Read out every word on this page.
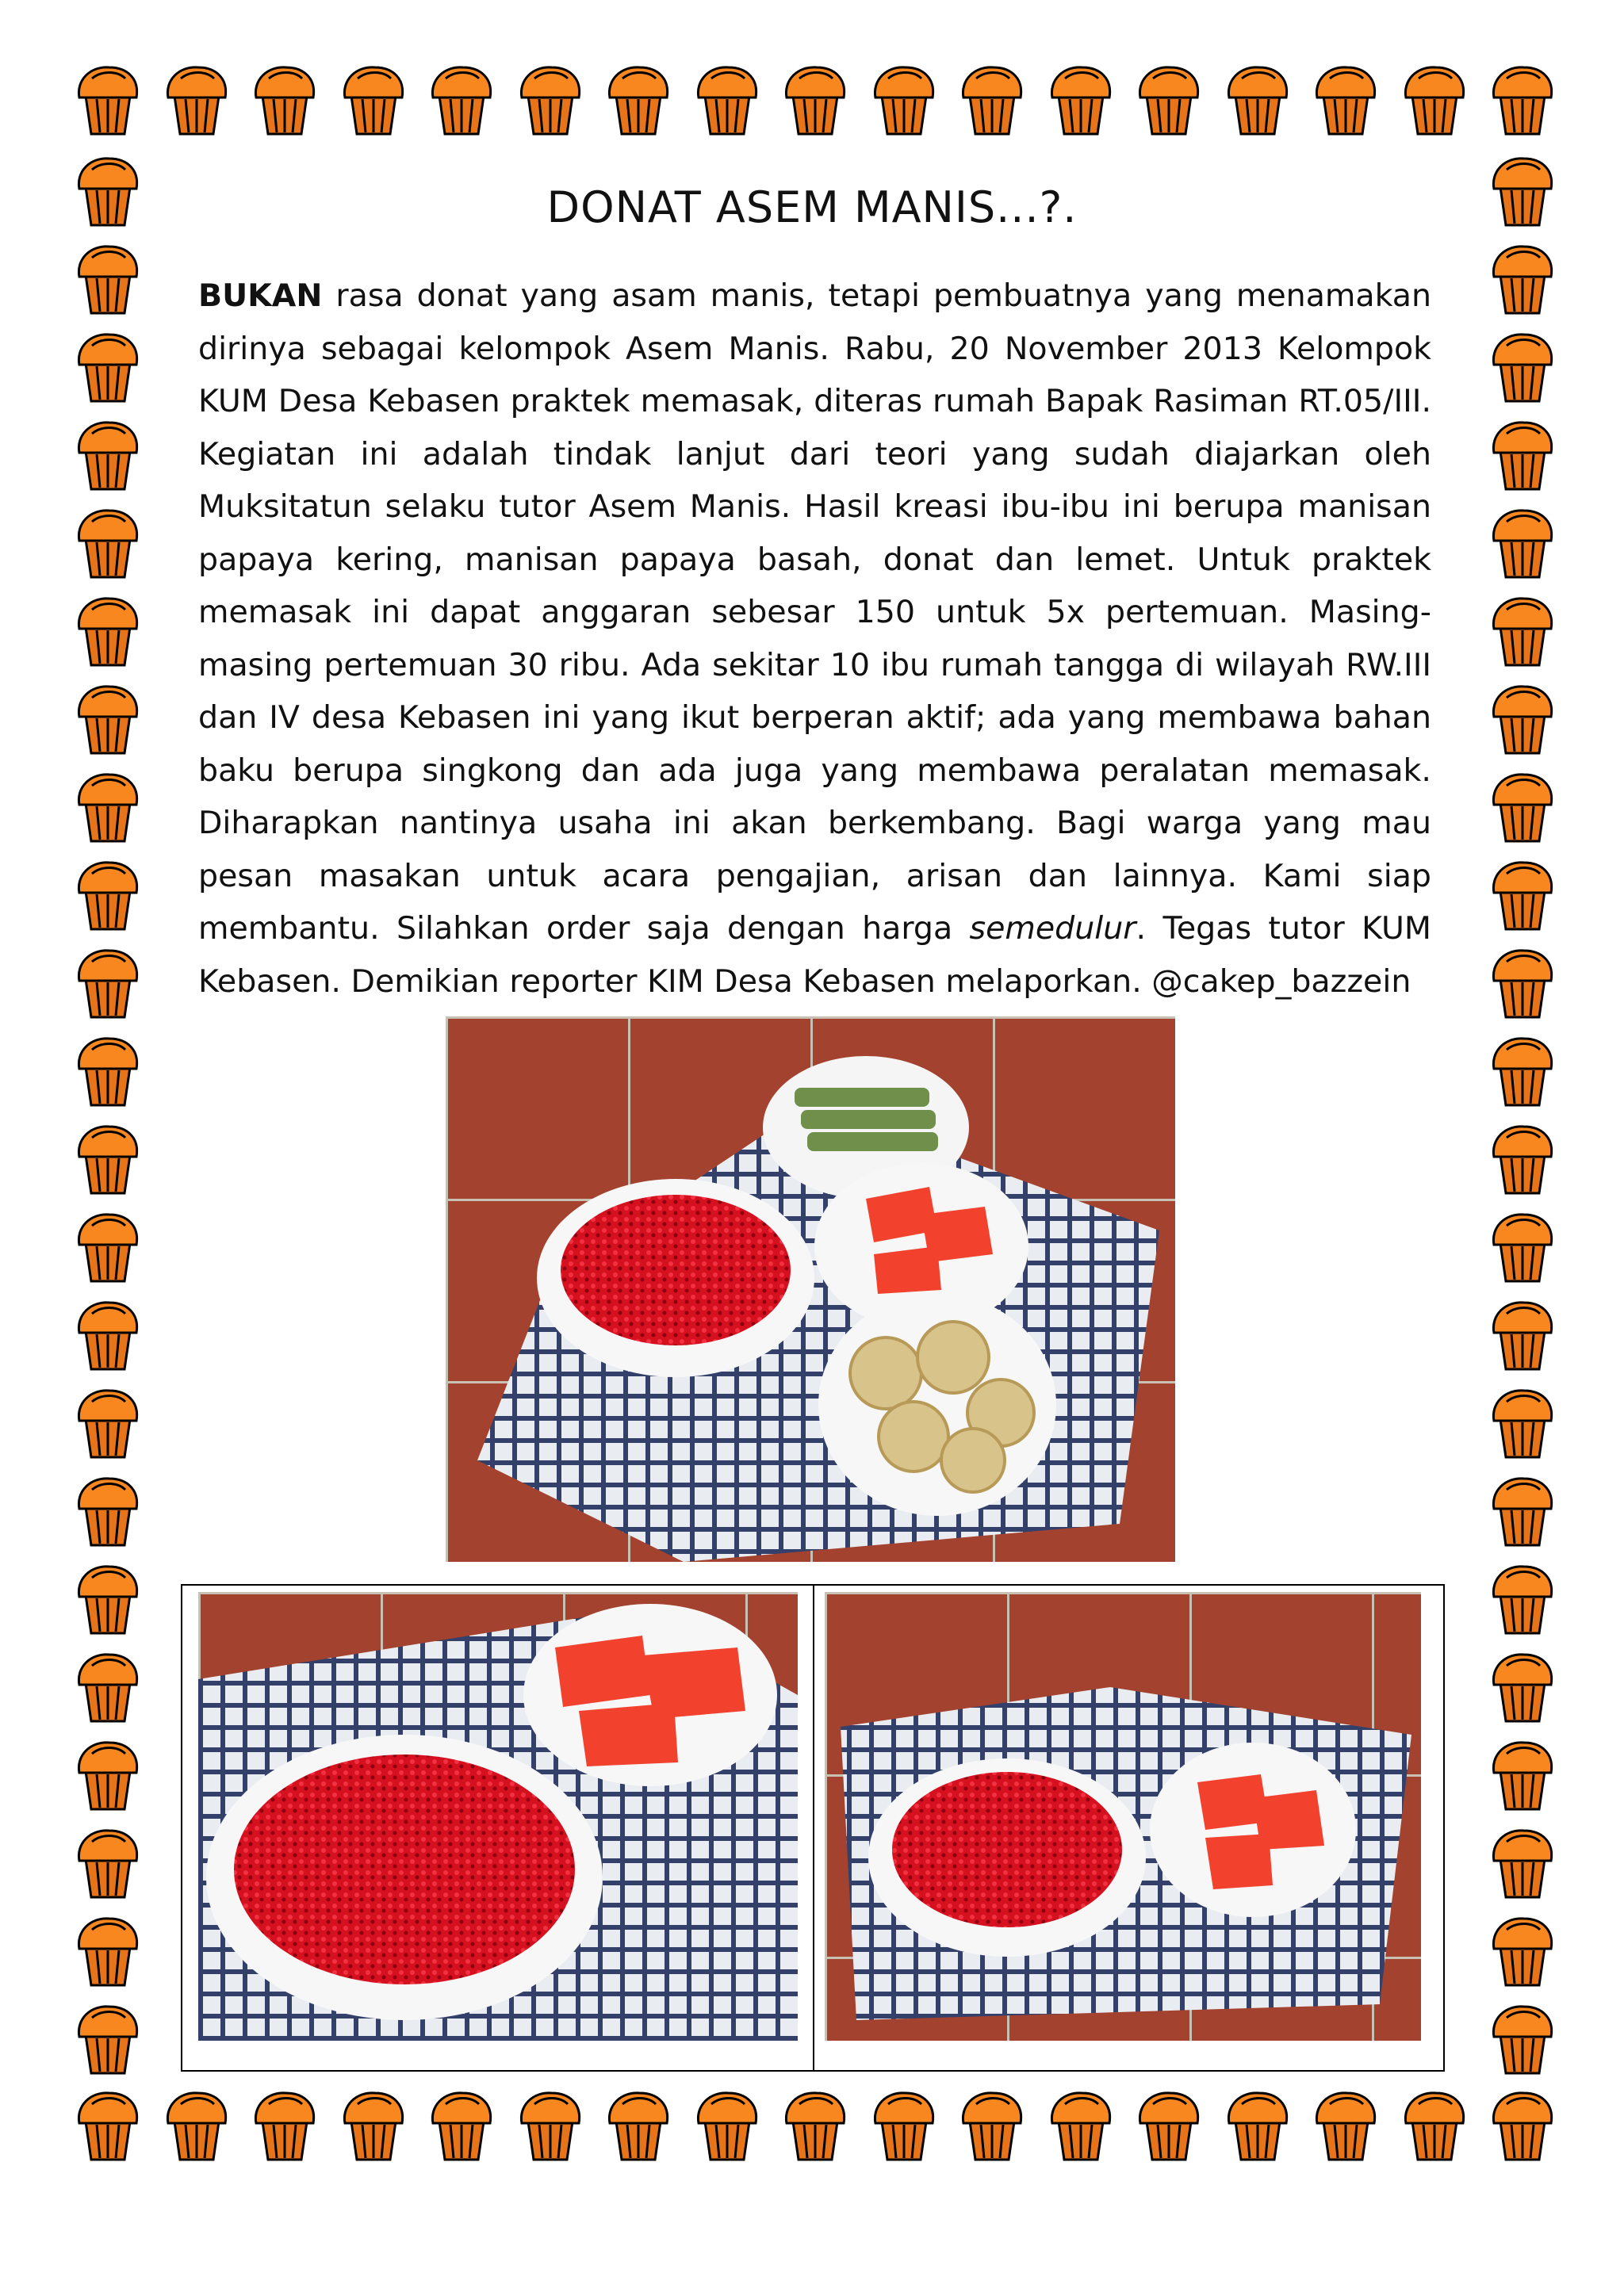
DONAT ASEM MANIS...?.

BUKAN rasa donat yang asam manis, tetapi pembuatnya yang menamakan dirinya sebagai kelompok Asem Manis. Rabu, 20 November 2013 Kelompok KUM Desa Kebasen praktek memasak, diteras rumah Bapak Rasiman RT.05/III. Kegiatan ini adalah tindak lanjut dari teori yang sudah diajarkan oleh Muksitatun selaku tutor Asem Manis. Hasil kreasi ibu-ibu ini berupa manisan papaya kering, manisan papaya basah, donat dan lemet. Untuk praktek memasak ini dapat anggaran sebesar 150 untuk 5x pertemuan. Masing-masing pertemuan 30 ribu. Ada sekitar 10 ibu rumah tangga di wilayah RW.III dan IV desa Kebasen ini yang ikut berperan aktif; ada yang membawa bahan baku berupa singkong dan ada juga yang membawa peralatan memasak. Diharapkan nantinya usaha ini akan berkembang. Bagi warga yang mau pesan masakan untuk acara pengajian, arisan dan lainnya. Kami siap membantu. Silahkan order saja dengan harga semedulur. Tegas tutor KUM Kebasen. Demikian reporter KIM Desa Kebasen melaporkan. @cakep_bazzein
